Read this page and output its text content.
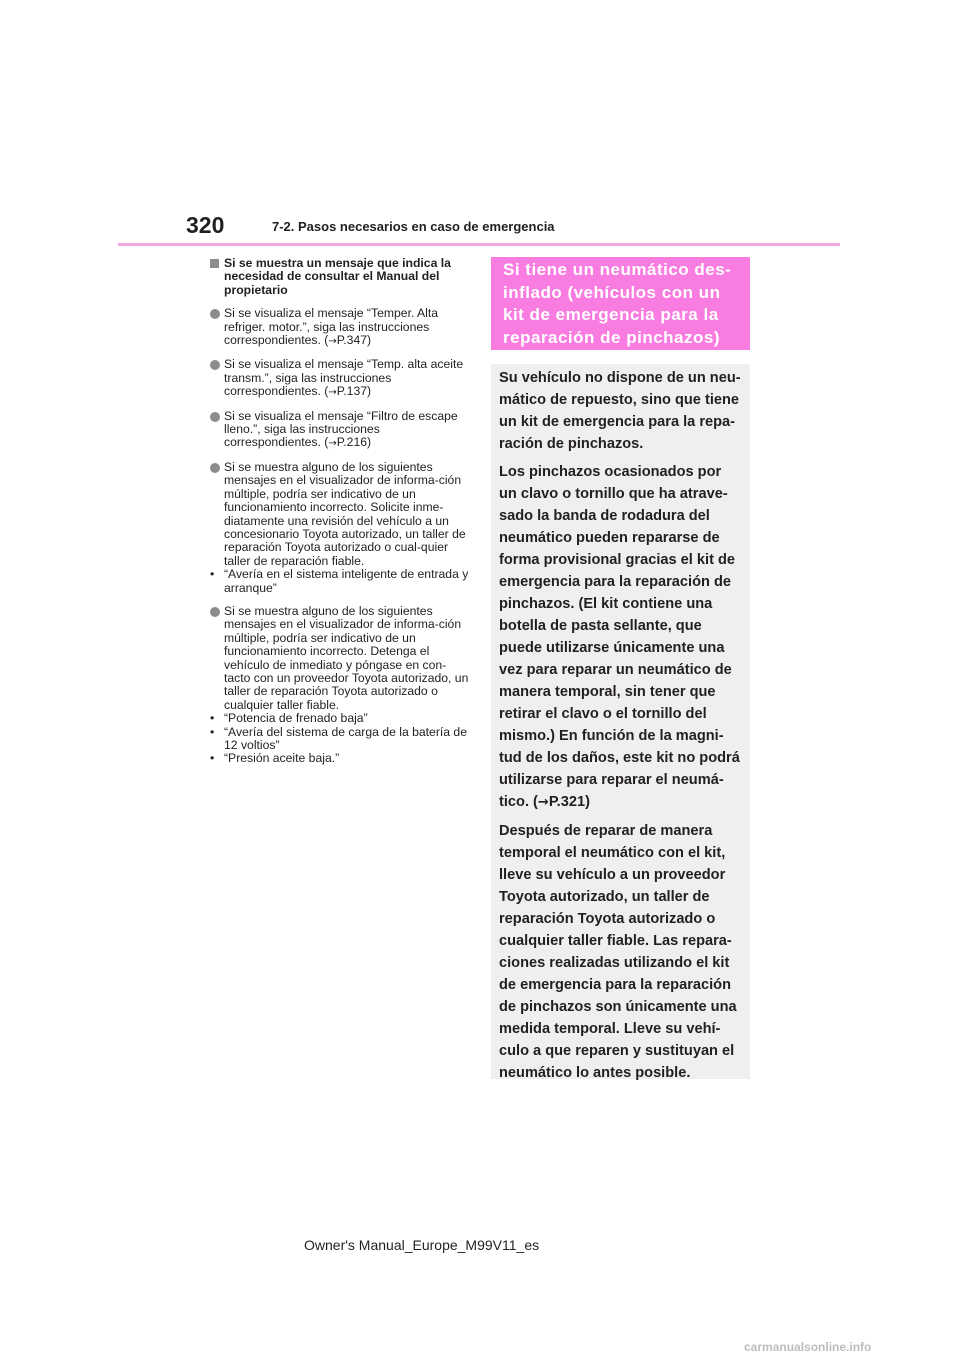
320	7-2. Pasos necesarios en caso de emergencia
Si se muestra un mensaje que indica la necesidad de consultar el Manual del propietario

Si se visualiza el mensaje “Temper. Alta refriger. motor.”, siga las instrucciones correspondientes. (→P.347)

Si se visualiza el mensaje “Temp. alta aceite transm.”, siga las instrucciones correspondientes. (→P.137)

Si se visualiza el mensaje “Filtro de escape lleno.”, siga las instrucciones correspondientes. (→P.216)

Si se muestra alguno de los siguientes mensajes en el visualizador de informa-ción múltiple, podría ser indicativo de un funcionamiento incorrecto. Solicite inme-diatamente una revisión del vehículo a un concesionario Toyota autorizado, un taller de reparación Toyota autorizado o cual-quier taller de reparación fiable.

• “Avería en el sistema inteligente de entrada y arranque”

Si se muestra alguno de los siguientes mensajes en el visualizador de informa-ción múltiple, podría ser indicativo de un funcionamiento incorrecto. Detenga el vehículo de inmediato y póngase en con-tacto con un proveedor Toyota autorizado, un taller de reparación Toyota autorizado o cualquier taller fiable.

• “Potencia de frenado baja”
• “Avería del sistema de carga de la batería de 12 voltios”
• “Presión aceite baja.”
Si tiene un neumático des-inflado (vehículos con un kit de emergencia para la reparación de pinchazos)

Su vehículo no dispone de un neu-mático de repuesto, sino que tiene un kit de emergencia para la repa-ración de pinchazos.

Los pinchazos ocasionados por un clavo o tornillo que ha atrave-sado la banda de rodadura del neumático pueden repararse de forma provisional gracias el kit de emergencia para la reparación de pinchazos. (El kit contiene una botella de pasta sellante, que puede utilizarse únicamente una vez para reparar un neumático de manera temporal, sin tener que retirar el clavo o el tornillo del mismo.) En función de la magni-tud de los daños, este kit no podrá utilizarse para reparar el neumá-tico. (→P.321)

Después de reparar de manera temporal el neumático con el kit, lleve su vehículo a un proveedor Toyota autorizado, un taller de reparación Toyota autorizado o cualquier taller fiable. Las repara-ciones realizadas utilizando el kit de emergencia para la reparación de pinchazos son únicamente una medida temporal. Lleve su vehí-culo a que reparen y sustituyan el neumático lo antes posible.

Owner's Manual_Europe_M99V11_es
carmanualsonline.info
